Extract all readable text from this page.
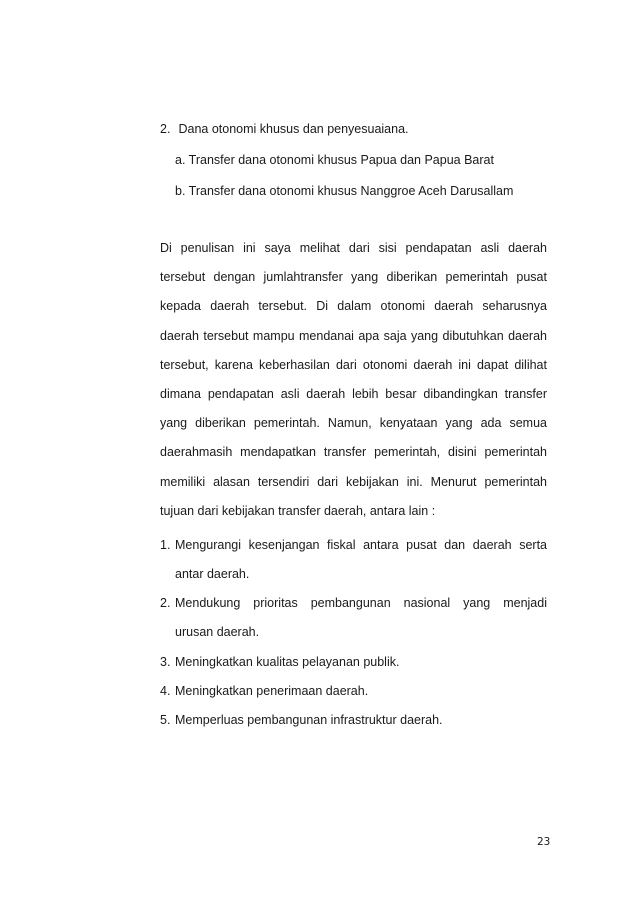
2. Dana otonomi khusus dan penyesuaiana.
a. Transfer dana otonomi khusus Papua dan Papua Barat
b. Transfer dana otonomi khusus Nanggroe Aceh Darusallam

Di penulisan ini saya melihat dari sisi pendapatan asli daerah tersebut dengan jumlahtransfer yang diberikan pemerintah pusat kepada daerah tersebut. Di dalam otonomi daerah seharusnya daerah tersebut mampu mendanai apa saja yang dibutuhkan daerah tersebut, karena keberhasilan dari otonomi daerah ini dapat dilihat dimana pendapatan asli daerah lebih besar dibandingkan transfer yang diberikan pemerintah. Namun, kenyataan yang ada semua daerahmasih mendapatkan transfer pemerintah, disini pemerintah memiliki alasan tersendiri dari kebijakan ini. Menurut pemerintah tujuan dari kebijakan transfer daerah, antara lain :

1. Mengurangi kesenjangan fiskal antara pusat dan daerah serta
antar daerah.
2. Mendukung prioritas pembangunan nasional yang menjadi
urusan daerah.
3. Meningkatkan kualitas pelayanan publik.
4. Meningkatkan penerimaan daerah.
5. Memperluas pembangunan infrastruktur daerah.
23
